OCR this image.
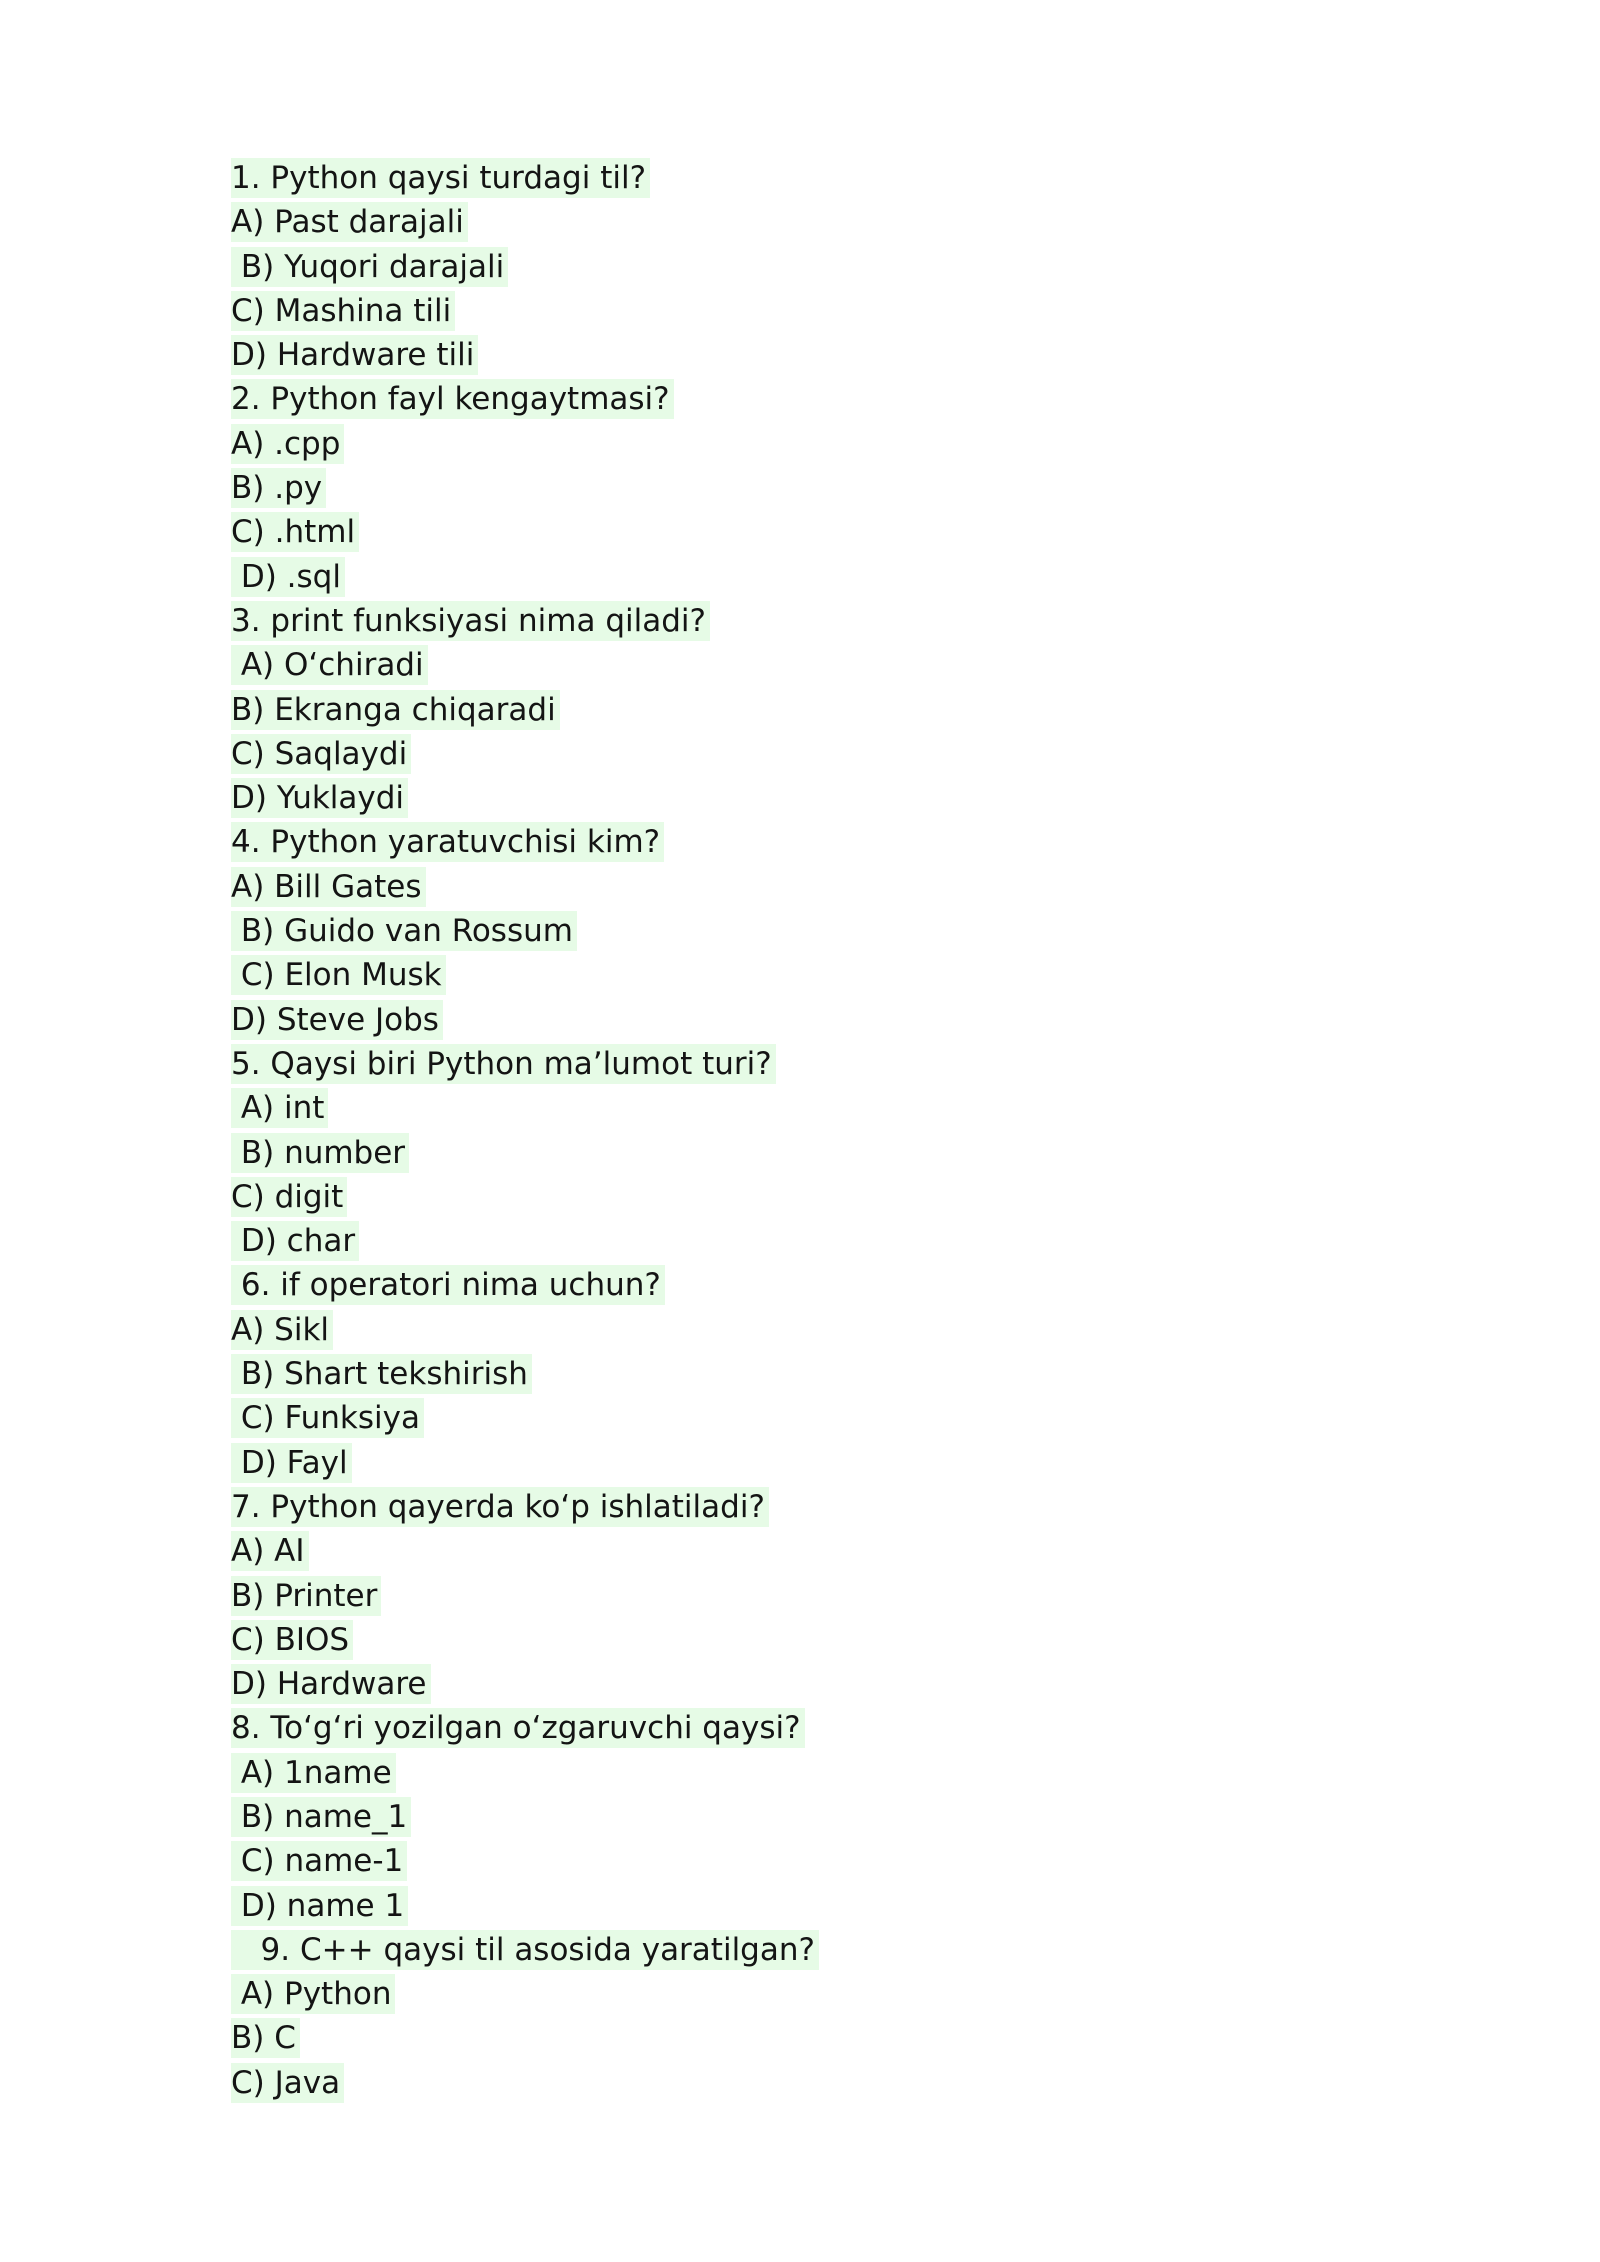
1. Python qaysi turdagi til?
A) Past darajali
B) Yuqori darajali
C) Mashina tili
D) Hardware tili
2. Python fayl kengaytmasi?
A) .cpp
B) .py
C) .html
D) .sql
3. print funksiyasi nima qiladi?
A) O‘chiradi
B) Ekranga chiqaradi
C) Saqlaydi
D) Yuklaydi
4. Python yaratuvchisi kim?
A) Bill Gates
B) Guido van Rossum
C) Elon Musk
D) Steve Jobs
5. Qaysi biri Python ma’lumot turi?
A) int
B) number
C) digit
D) char
6. if operatori nima uchun?
A) Sikl
B) Shart tekshirish
C) Funksiya
D) Fayl
7. Python qayerda ko‘p ishlatiladi?
A) AI
B) Printer
C) BIOS
D) Hardware
8. To‘g‘ri yozilgan o‘zgaruvchi qaysi?
A) 1name
B) name_1
C) name-1
D) name 1
9. C++ qaysi til asosida yaratilgan?
A) Python
B) C
C) Java
